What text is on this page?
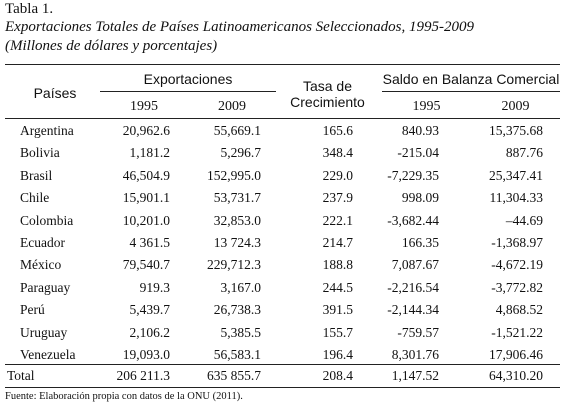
Tabla 1.
Exportaciones Totales de Países Latinoamericanos Seleccionados, 1995-2009
(Millones de dólares y porcentajes)
Países
Exportaciones
1995	2009
Tasa de
Crecimiento
Saldo en Balanza Comercial
1995	2009
Argentina	20,962.6	55,669.1	165.6	840.93	15,375.68
Bolivia	1,181.2	5,296.7	348.4	-215.04	887.76
Brasil	46,504.9	152,995.0	229.0	-7,229.35	25,347.41
Chile	15,901.1	53,731.7	237.9	998.09	11,304.33
Colombia	10,201.0	32,853.0	222.1	-3,682.44	–44.69
Ecuador	4 361.5	13 724.3	214.7	166.35	-1,368.97
México	79,540.7	229,712.3	188.8	7,087.67	-4,672.19
Paraguay	919.3	3,167.0	244.5	-2,216.54	-3,772.82
Perú	5,439.7	26,738.3	391.5	-2,144.34	4,868.52
Uruguay	2,106.2	5,385.5	155.7	-759.57	-1,521.22
Venezuela	19,093.0	56,583.1	196.4	8,301.76	17,906.46
Total	206 211.3	635 855.7	208.4	1,147.52	64,310.20
Fuente: Elaboración propia con datos de la ONU (2011).
